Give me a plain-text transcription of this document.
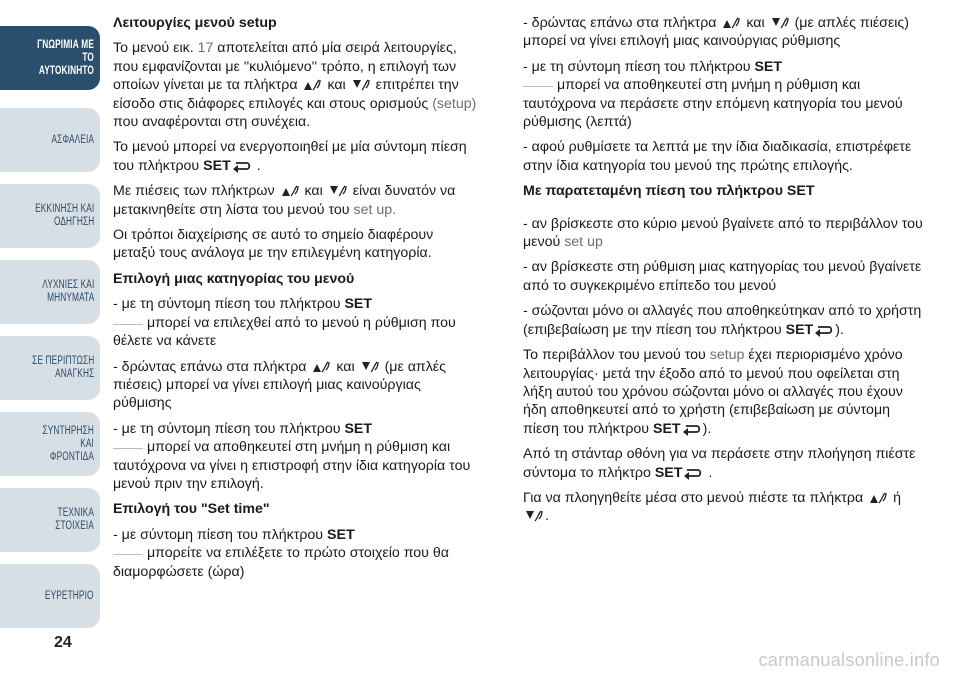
ΓΝΩΡΙΜΙΑ ΜΕ ΤΟ
ΑΥΤΟΚΙΝΗΤΟ
ΑΣΦΑΛΕΙΑ
ΕΚΚΙΝΗΣΗ ΚΑΙ
ΟΔΗΓΗΣΗ
ΛΥΧΝΙΕΣ ΚΑΙ
ΜΗΝΥΜΑΤΑ
ΣΕ ΠΕΡΙΠΤΩΣΗ
ΑΝΑΓΚΗΣ
ΣΥΝΤΗΡΗΣΗ ΚΑΙ
ΦΡΟΝΤΙΔΑ
ΤΕΧΝΙΚΑ ΣΤΟΙΧΕΙΑ
ΕΥΡΕΤΗΡΙΟ
24
Λειτουργίες μενού setup

Το μενού εικ. 17 αποτελείται από μία σειρά λειτουργίες, που εμφανίζονται με ''κυλιόμενο'' τρόπο, η επιλογή των οποίων γίνεται με τα πλήκτρα και επιτρέπει την είσοδο στις διάφορες επιλογές και στους ορισμούς (setup) που αναφέρονται στη συνέχεια.

Το μενού μπορεί να ενεργοποιηθεί με μία σύντομη πίεση του πλήκτρου SET .

Με πιέσεις των πλήκτρων και είναι δυνατόν να μετακινηθείτε στη λίστα του μενού του set up.

Οι τρόποι διαχείρισης σε αυτό το σημείο διαφέρουν μεταξύ τους ανάλογα με την επιλεγμένη κατηγορία.

Επιλογή μιας κατηγορίας του μενού

- με τη σύντομη πίεση του πλήκτρου SET
μπορεί να επιλεχθεί από το μενού η ρύθμιση που θέλετε να κάνετε

- δρώντας επάνω στα πλήκτρα και (με απλές πιέσεις) μπορεί να γίνει επιλογή μιας καινούργιας ρύθμισης

- με τη σύντομη πίεση του πλήκτρου SET
μπορεί να αποθηκευτεί στη μνήμη η ρύθμιση και ταυτόχρονα να γίνει η επιστροφή στην ίδια κατηγορία του μενού πριν την επιλογή.

Επιλογή του "Set time"

- με σύντομη πίεση του πλήκτρου SET
μπορείτε να επιλέξετε το πρώτο στοιχείο που θα διαμορφώσετε (ώρα)

- δρώντας επάνω στα πλήκτρα και (με απλές πιέσεις) μπορεί να γίνει επιλογή μιας καινούργιας ρύθμισης

- με τη σύντομη πίεση του πλήκτρου SET
μπορεί να αποθηκευτεί στη μνήμη η ρύθμιση και ταυτόχρονα να περάσετε στην επόμενη κατηγορία του μενού ρύθμισης (λεπτά)

- αφού ρυθμίσετε τα λεπτά με την ίδια διαδικασία, επιστρέφετε στην ίδια κατηγορία του μενού της πρώτης επιλογής.

Με παρατεταμένη πίεση του πλήκτρου SET

- αν βρίσκεστε στο κύριο μενού βγαίνετε από το περιβάλλον του μενού set up

- αν βρίσκεστε στη ρύθμιση μιας κατηγορίας του μενού βγαίνετε από το συγκεκριμένο επίπεδο του μενού

- σώζονται μόνο οι αλλαγές που αποθηκεύτηκαν από το χρήστη (επιβεβαίωση με την πίεση του πλήκτρου SET ).

Το περιβάλλον του μενού του setup έχει περιορισμένο χρόνο λειτουργίας· μετά την έξοδο από το μενού που οφείλεται στη λήξη αυτού του χρόνου σώζονται μόνο οι αλλαγές που έχουν ήδη αποθηκευτεί από το χρήστη (επιβεβαίωση με σύντομη πίεση του πλήκτρου SET ).

Από τη στάνταρ οθόνη για να περάσετε στην πλοήγηση πιέστε σύντομα το πλήκτρο SET .

Για να πλοηγηθείτε μέσα στο μενού πιέστε τα πλήκτρα ή .

carmanualsonline.info
